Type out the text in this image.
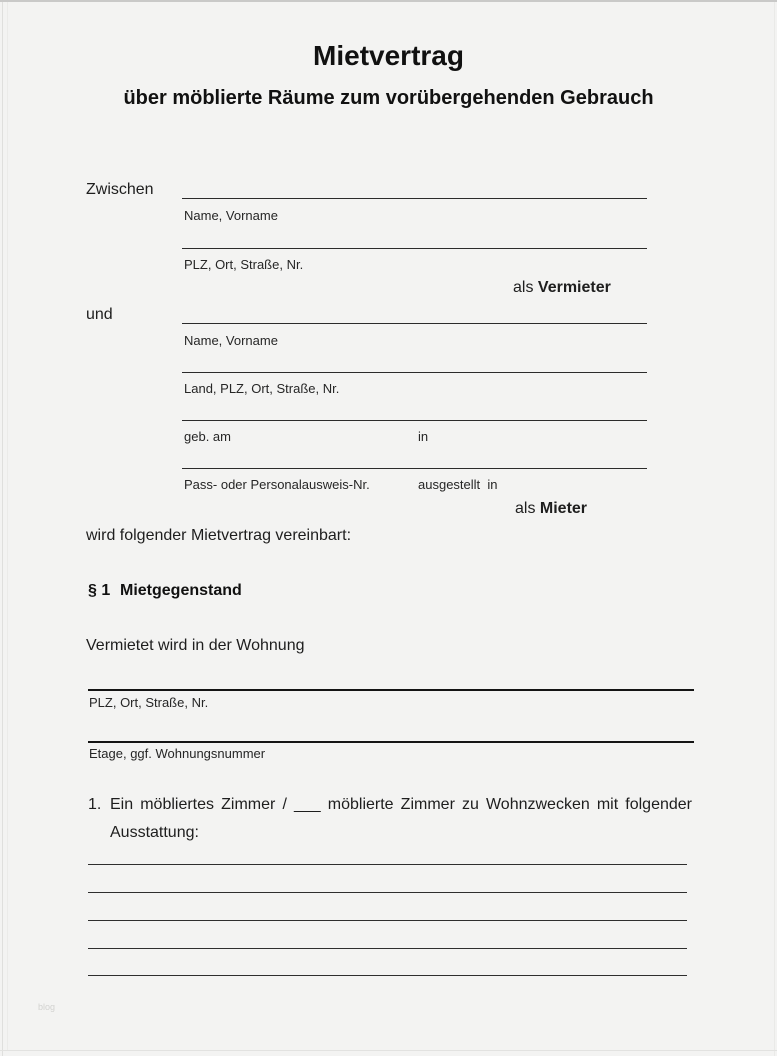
Mietvertrag
über möblierte Räume zum vorübergehenden Gebrauch
Zwischen
Name, Vorname
PLZ, Ort, Straße, Nr.
als Vermieter
und
Name, Vorname
Land, PLZ, Ort, Straße, Nr.
geb. am	in
Pass- oder Personalausweis-Nr.	ausgestellt  in
als Mieter
wird folgender Mietvertrag vereinbart:
§ 1 Mietgegenstand
Vermietet wird in der Wohnung
PLZ, Ort, Straße, Nr.
Etage, ggf. Wohnungsnummer
1. Ein möbliertes Zimmer / ___ möblierte Zimmer zu Wohnzwecken mit folgender Ausstattung:
blog
